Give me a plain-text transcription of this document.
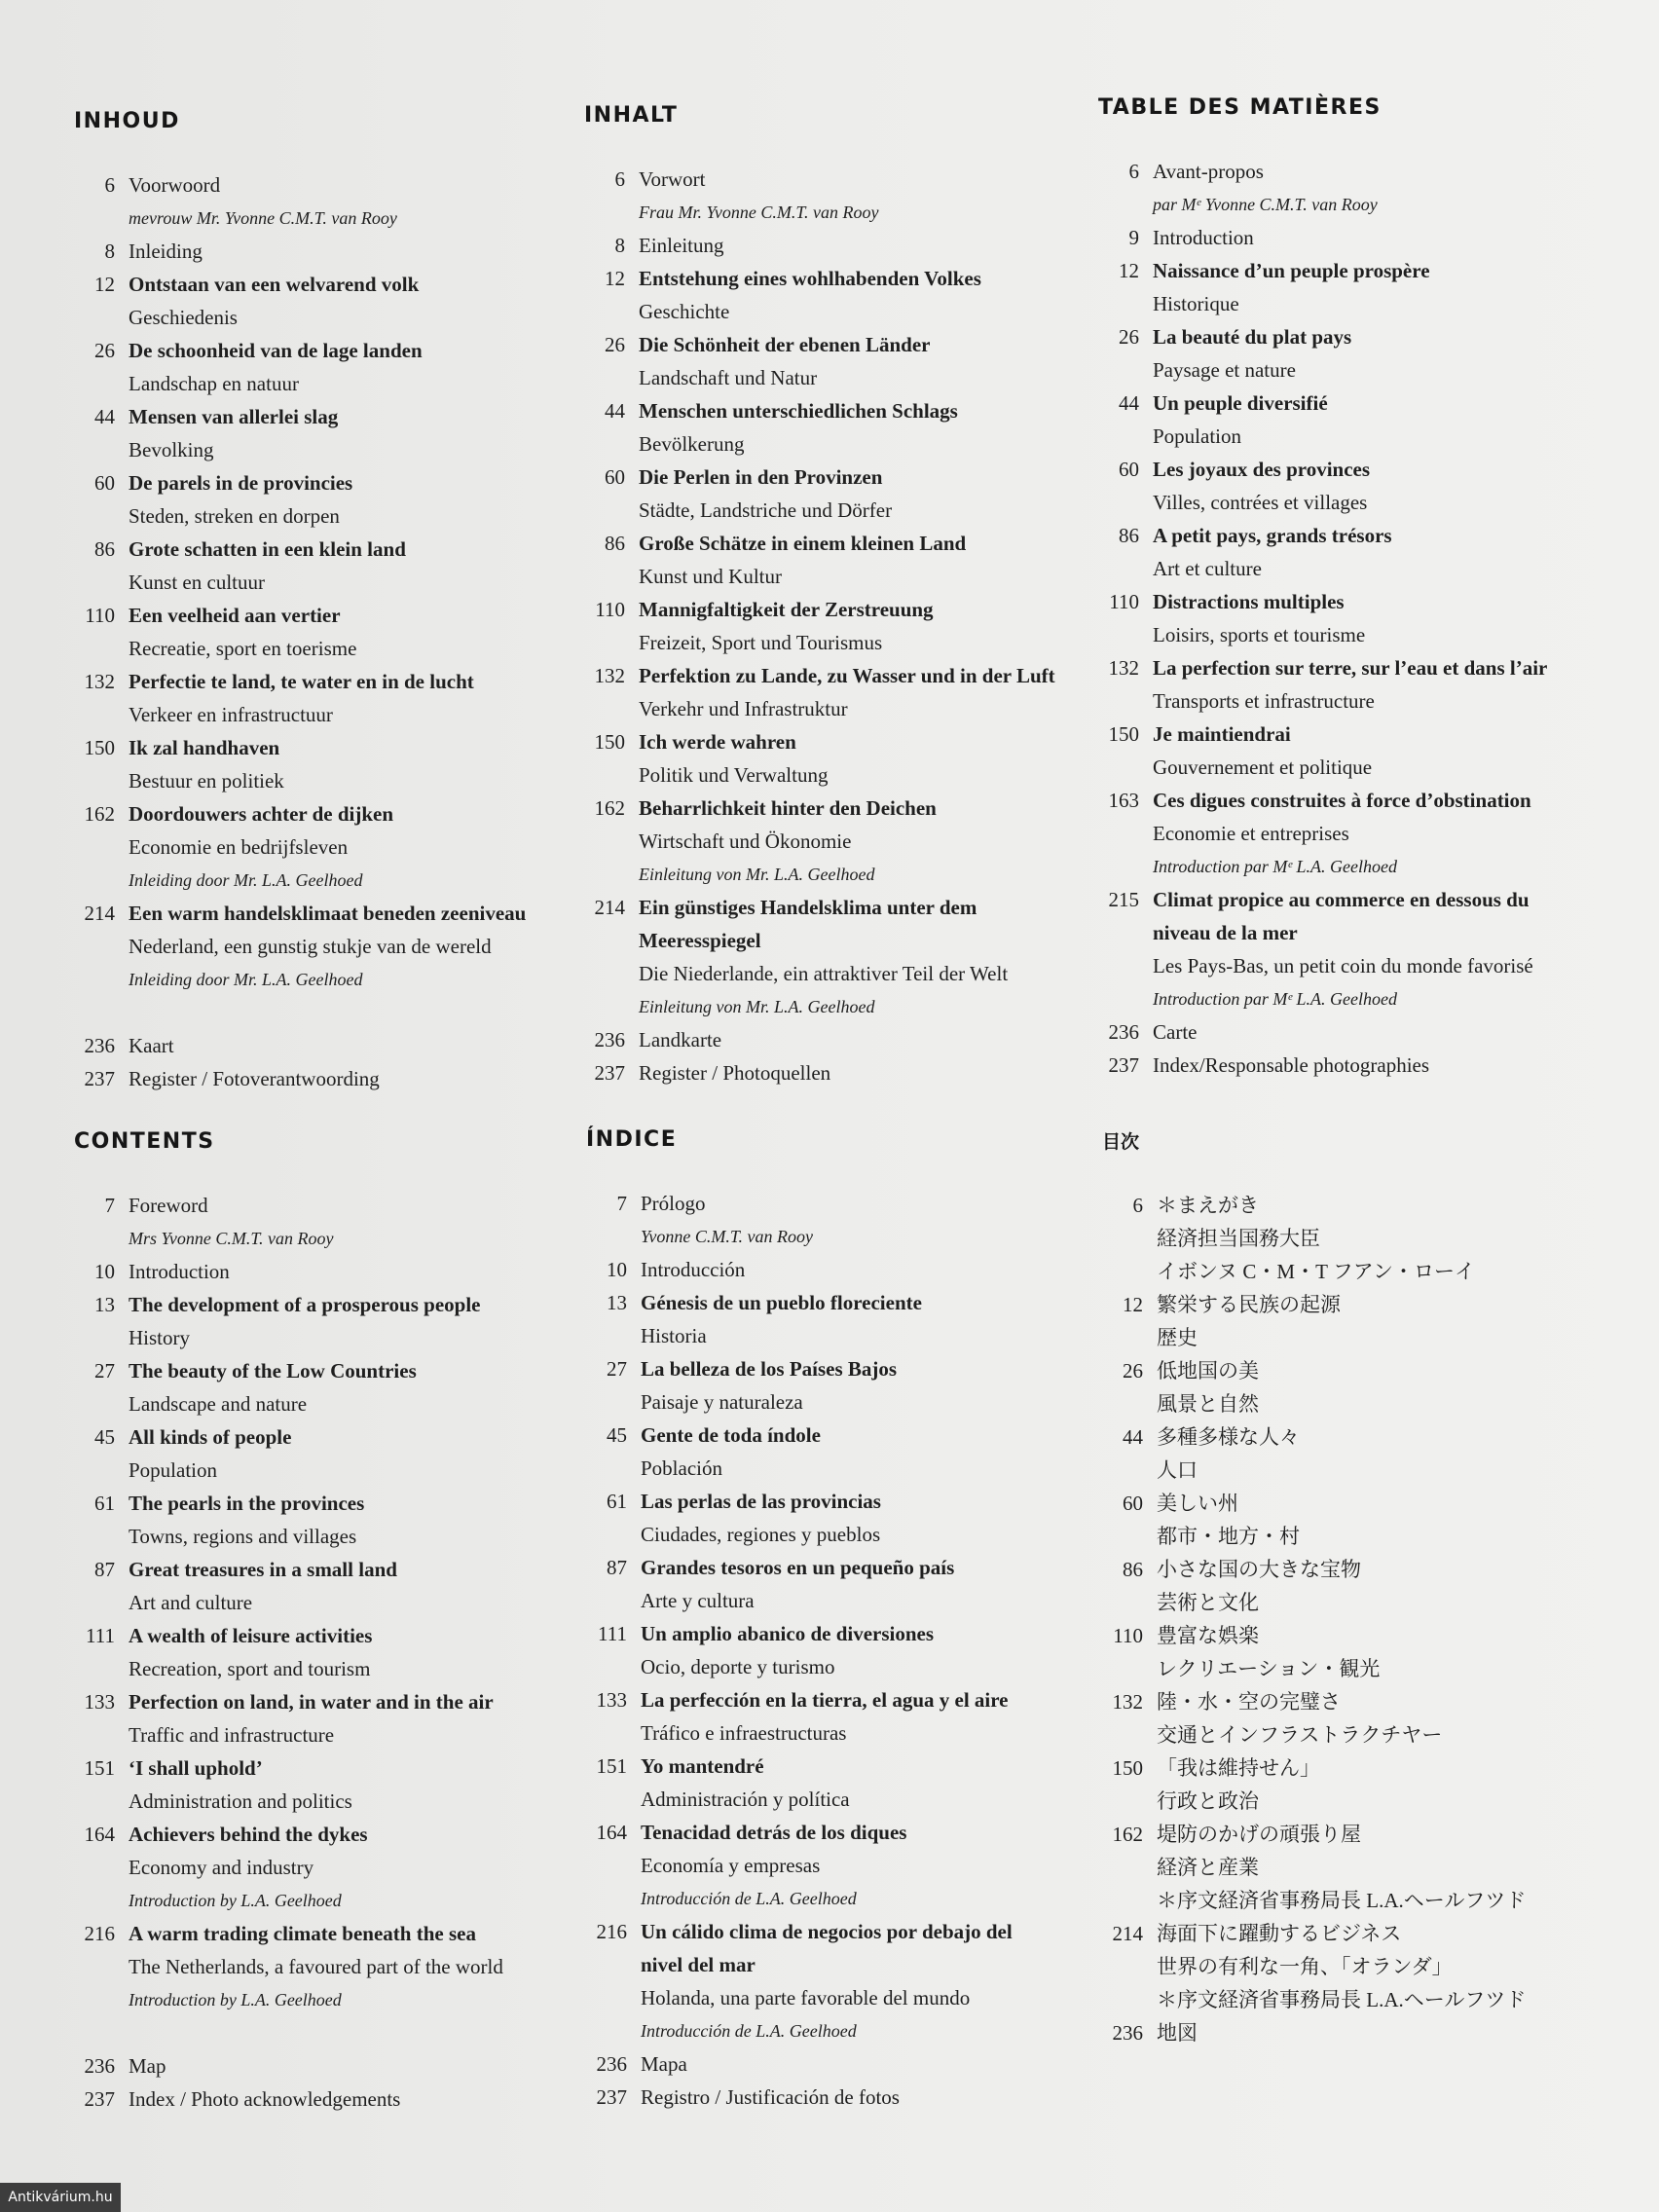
INHOUD
6 Voorwoord
mevrouw Mr. Yvonne C.M.T. van Rooy
8 Inleiding
12 Ontstaan van een welvarend volk
Geschiedenis
26 De schoonheid van de lage landen
Landschap en natuur
44 Mensen van allerlei slag
Bevolking
60 De parels in de provincies
Steden, streken en dorpen
86 Grote schatten in een klein land
Kunst en cultuur
110 Een veelheid aan vertier
Recreatie, sport en toerisme
132 Perfectie te land, te water en in de lucht
Verkeer en infrastructuur
150 Ik zal handhaven
Bestuur en politiek
162 Doordouwers achter de dijken
Economie en bedrijfsleven
Inleiding door Mr. L.A. Geelhoed
214 Een warm handelsklimaat beneden zeeniveau
Nederland, een gunstig stukje van de wereld
Inleiding door Mr. L.A. Geelhoed
236 Kaart
237 Register / Fotoverantwoording
INHALT
6 Vorwort
Frau Mr. Yvonne C.M.T. van Rooy
8 Einleitung
12 Entstehung eines wohlhabenden Volkes
Geschichte
26 Die Schönheit der ebenen Länder
Landschaft und Natur
44 Menschen unterschiedlichen Schlags
Bevölkerung
60 Die Perlen in den Provinzen
Städte, Landstriche und Dörfer
86 Große Schätze in einem kleinen Land
Kunst und Kultur
110 Mannigfaltigkeit der Zerstreuung
Freizeit, Sport und Tourismus
132 Perfektion zu Lande, zu Wasser und in der Luft
Verkehr und Infrastruktur
150 Ich werde wahren
Politik und Verwaltung
162 Beharrlichkeit hinter den Deichen
Wirtschaft und Ökonomie
Einleitung von Mr. L.A. Geelhoed
214 Ein günstiges Handelsklima unter dem
Meeresspiegel
Die Niederlande, ein attraktiver Teil der Welt
Einleitung von Mr. L.A. Geelhoed
236 Landkarte
237 Register / Photoquellen
TABLE DES MATIÈRES
6 Avant-propos
par Mᵉ Yvonne C.M.T. van Rooy
9 Introduction
12 Naissance d’un peuple prospère
Historique
26 La beauté du plat pays
Paysage et nature
44 Un peuple diversifié
Population
60 Les joyaux des provinces
Villes, contrées et villages
86 A petit pays, grands trésors
Art et culture
110 Distractions multiples
Loisirs, sports et tourisme
132 La perfection sur terre, sur l’eau et dans l’air
Transports et infrastructure
150 Je maintiendrai
Gouvernement et politique
163 Ces digues construites à force d’obstination
Economie et entreprises
Introduction par Mᵉ L.A. Geelhoed
215 Climat propice au commerce en dessous du
niveau de la mer
Les Pays-Bas, un petit coin du monde favorisé
Introduction par Mᵉ L.A. Geelhoed
236 Carte
237 Index/Responsable photographies
CONTENTS
7 Foreword
Mrs Yvonne C.M.T. van Rooy
10 Introduction
13 The development of a prosperous people
History
27 The beauty of the Low Countries
Landscape and nature
45 All kinds of people
Population
61 The pearls in the provinces
Towns, regions and villages
87 Great treasures in a small land
Art and culture
111 A wealth of leisure activities
Recreation, sport and tourism
133 Perfection on land, in water and in the air
Traffic and infrastructure
151 ‘I shall uphold’
Administration and politics
164 Achievers behind the dykes
Economy and industry
Introduction by L.A. Geelhoed
216 A warm trading climate beneath the sea
The Netherlands, a favoured part of the world
Introduction by L.A. Geelhoed
236 Map
237 Index / Photo acknowledgements
ÍNDICE
7 Prólogo
Yvonne C.M.T. van Rooy
10 Introducción
13 Génesis de un pueblo floreciente
Historia
27 La belleza de los Países Bajos
Paisaje y naturaleza
45 Gente de toda índole
Población
61 Las perlas de las provincias
Ciudades, regiones y pueblos
87 Grandes tesoros en un pequeño país
Arte y cultura
111 Un amplio abanico de diversiones
Ocio, deporte y turismo
133 La perfección en la tierra, el agua y el aire
Tráfico e infraestructuras
151 Yo mantendré
Administración y política
164 Tenacidad detrás de los diques
Economía y empresas
Introducción de L.A. Geelhoed
216 Un cálido clima de negocios por debajo del
nivel del mar
Holanda, una parte favorable del mundo
Introducción de L.A. Geelhoed
236 Mapa
237 Registro / Justificación de fotos
目次
6 ＊まえがき
経済担当国務大臣
イボンヌ C・M・T フアン・ローイ
12 繁栄する民族の起源
歴史
26 低地国の美
風景と自然
44 多種多様な人々
人口
60 美しい州
都市・地方・村
86 小さな国の大きな宝物
芸術と文化
110 豊富な娯楽
レクリエーション・観光
132 陸・水・空の完璧さ
交通とインフラストラクチヤー
150 「我は維持せん」
行政と政治
162 堤防のかげの頑張り屋
経済と産業
＊序文経済省事務局長 L.A.ヘールフツド
214 海面下に躍動するビジネス
世界の有利な一角、「オランダ」
＊序文経済省事務局長 L.A.ヘールフツド
236 地図
Antikvárium.hu
